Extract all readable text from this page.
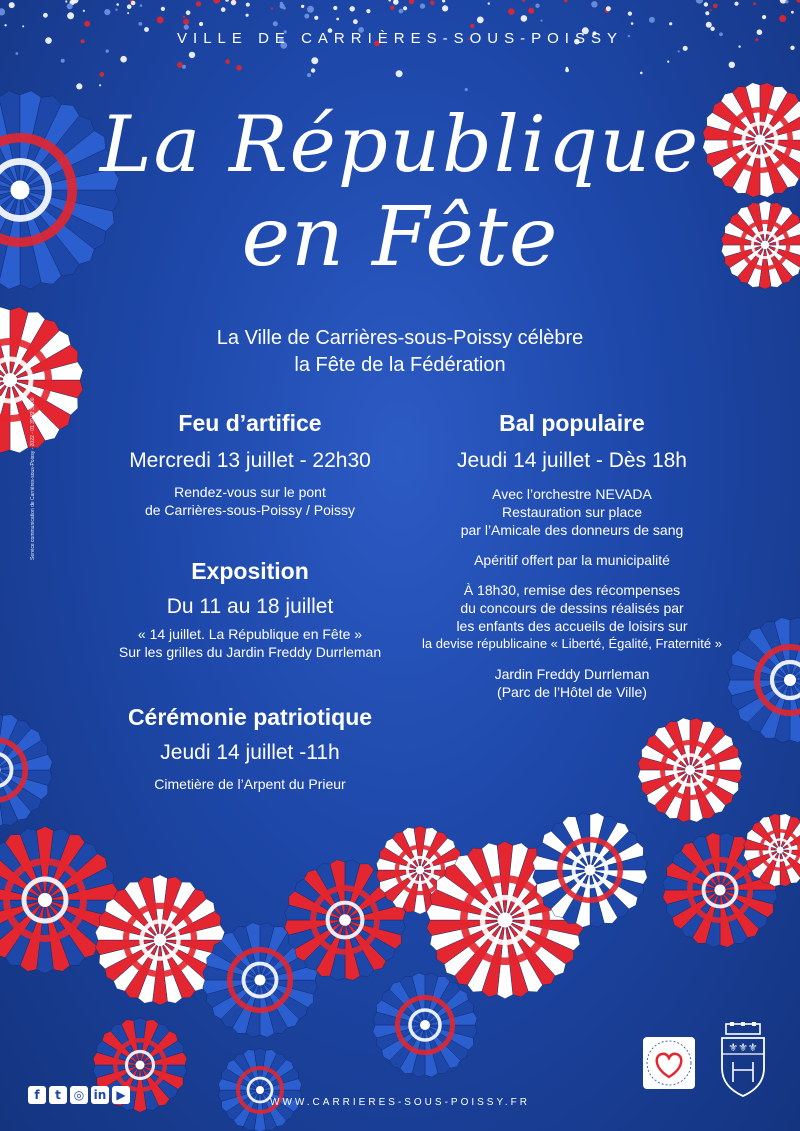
VILLE DE CARRIÈRES-SOUS-POISSY
La République
en Fête
La Ville de Carrières-sous-Poissy célèbre
la Fête de la Fédération
Feu d’artifice
Mercredi 13 juillet - 22h30
Rendez-vous sur le pont
de Carrières-sous-Poissy / Poissy
Exposition
Du 11 au 18 juillet
« 14 juillet. La République en Fête »
Sur les grilles du Jardin Freddy Durrleman
Cérémonie patriotique
Jeudi 14 juillet -11h
Cimetière de l’Arpent du Prieur
Bal populaire
Jeudi 14 juillet - Dès 18h
Avec l’orchestre NEVADA
Restauration sur place
par l’Amicale des donneurs de sang
Apéritif offert par la municipalité
À 18h30, remise des récompenses
du concours de dessins réalisés par
les enfants des accueils de loisirs sur
la devise républicaine « Liberté, Égalité, Fraternité »
Jardin Freddy Durrleman
(Parc de l’Hôtel de Ville)
Service communication de Carrières-sous-Poissy - 2022 - 01 39 22 36 00
f	t	◎ in ▶
WWW.CARRIERES-SOUS-POISSY.FR
⚜⚜⚜
